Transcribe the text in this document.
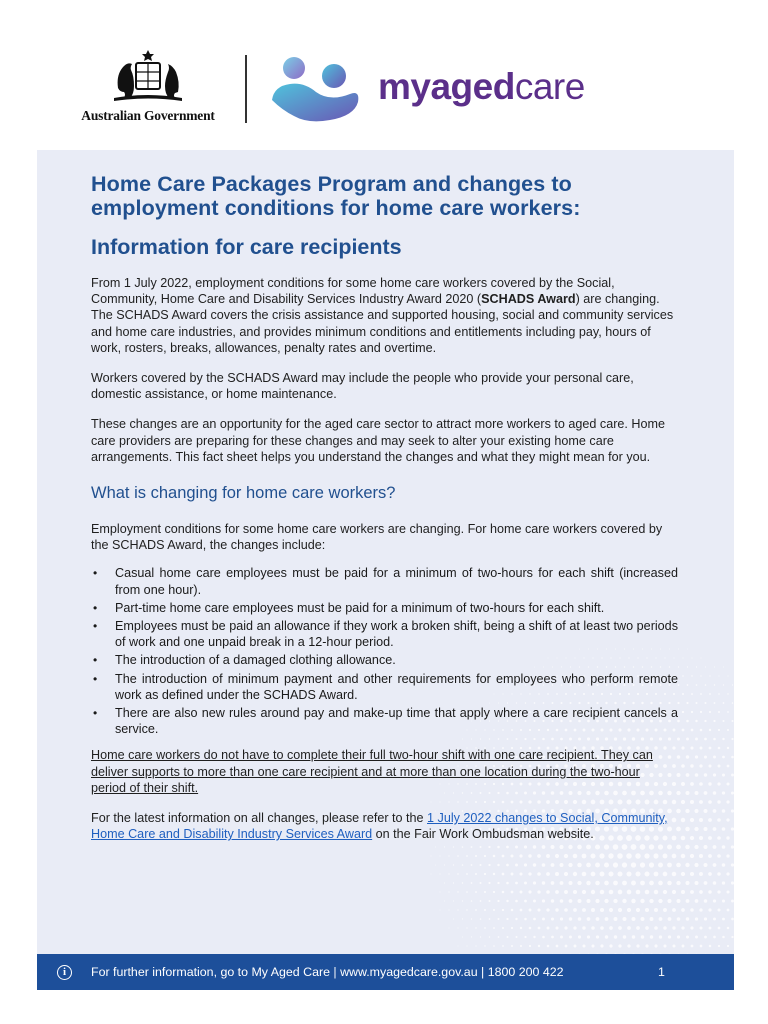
Australian Government
myagedcare
Home Care Packages Program and changes to employment conditions for home care workers:
Information for care recipients

From 1 July 2022, employment conditions for some home care workers covered by the Social, Community, Home Care and Disability Services Industry Award 2020 (SCHADS Award) are changing. The SCHADS Award covers the crisis assistance and supported housing, social and community services and home care industries, and provides minimum conditions and entitlements including pay, hours of work, rosters, breaks, allowances, penalty rates and overtime.

Workers covered by the SCHADS Award may include the people who provide your personal care, domestic assistance, or home maintenance.

These changes are an opportunity for the aged care sector to attract more workers to aged care. Home care providers are preparing for these changes and may seek to alter your existing home care arrangements. This fact sheet helps you understand the changes and what they might mean for you.

What is changing for home care workers?

Employment conditions for some home care workers are changing. For home care workers covered by the SCHADS Award, the changes include:

• Casual home care employees must be paid for a minimum of two-hours for each shift (increased from one hour).
• Part-time home care employees must be paid for a minimum of two-hours for each shift.
• Employees must be paid an allowance if they work a broken shift, being a shift of at least two periods of work and one unpaid break in a 12-hour period.
• The introduction of a damaged clothing allowance.
• The introduction of minimum payment and other requirements for employees who perform remote work as defined under the SCHADS Award.
• There are also new rules around pay and make-up time that apply where a care recipient cancels a service.

Home care workers do not have to complete their full two-hour shift with one care recipient. They can deliver supports to more than one care recipient and at more than one location during the two-hour period of their shift.

For the latest information on all changes, please refer to the 1 July 2022 changes to Social, Community, Home Care and Disability Industry Services Award on the Fair Work Ombudsman website.

i	For further information, go to My Aged Care | www.myagedcare.gov.au | 1800 200 422	1
